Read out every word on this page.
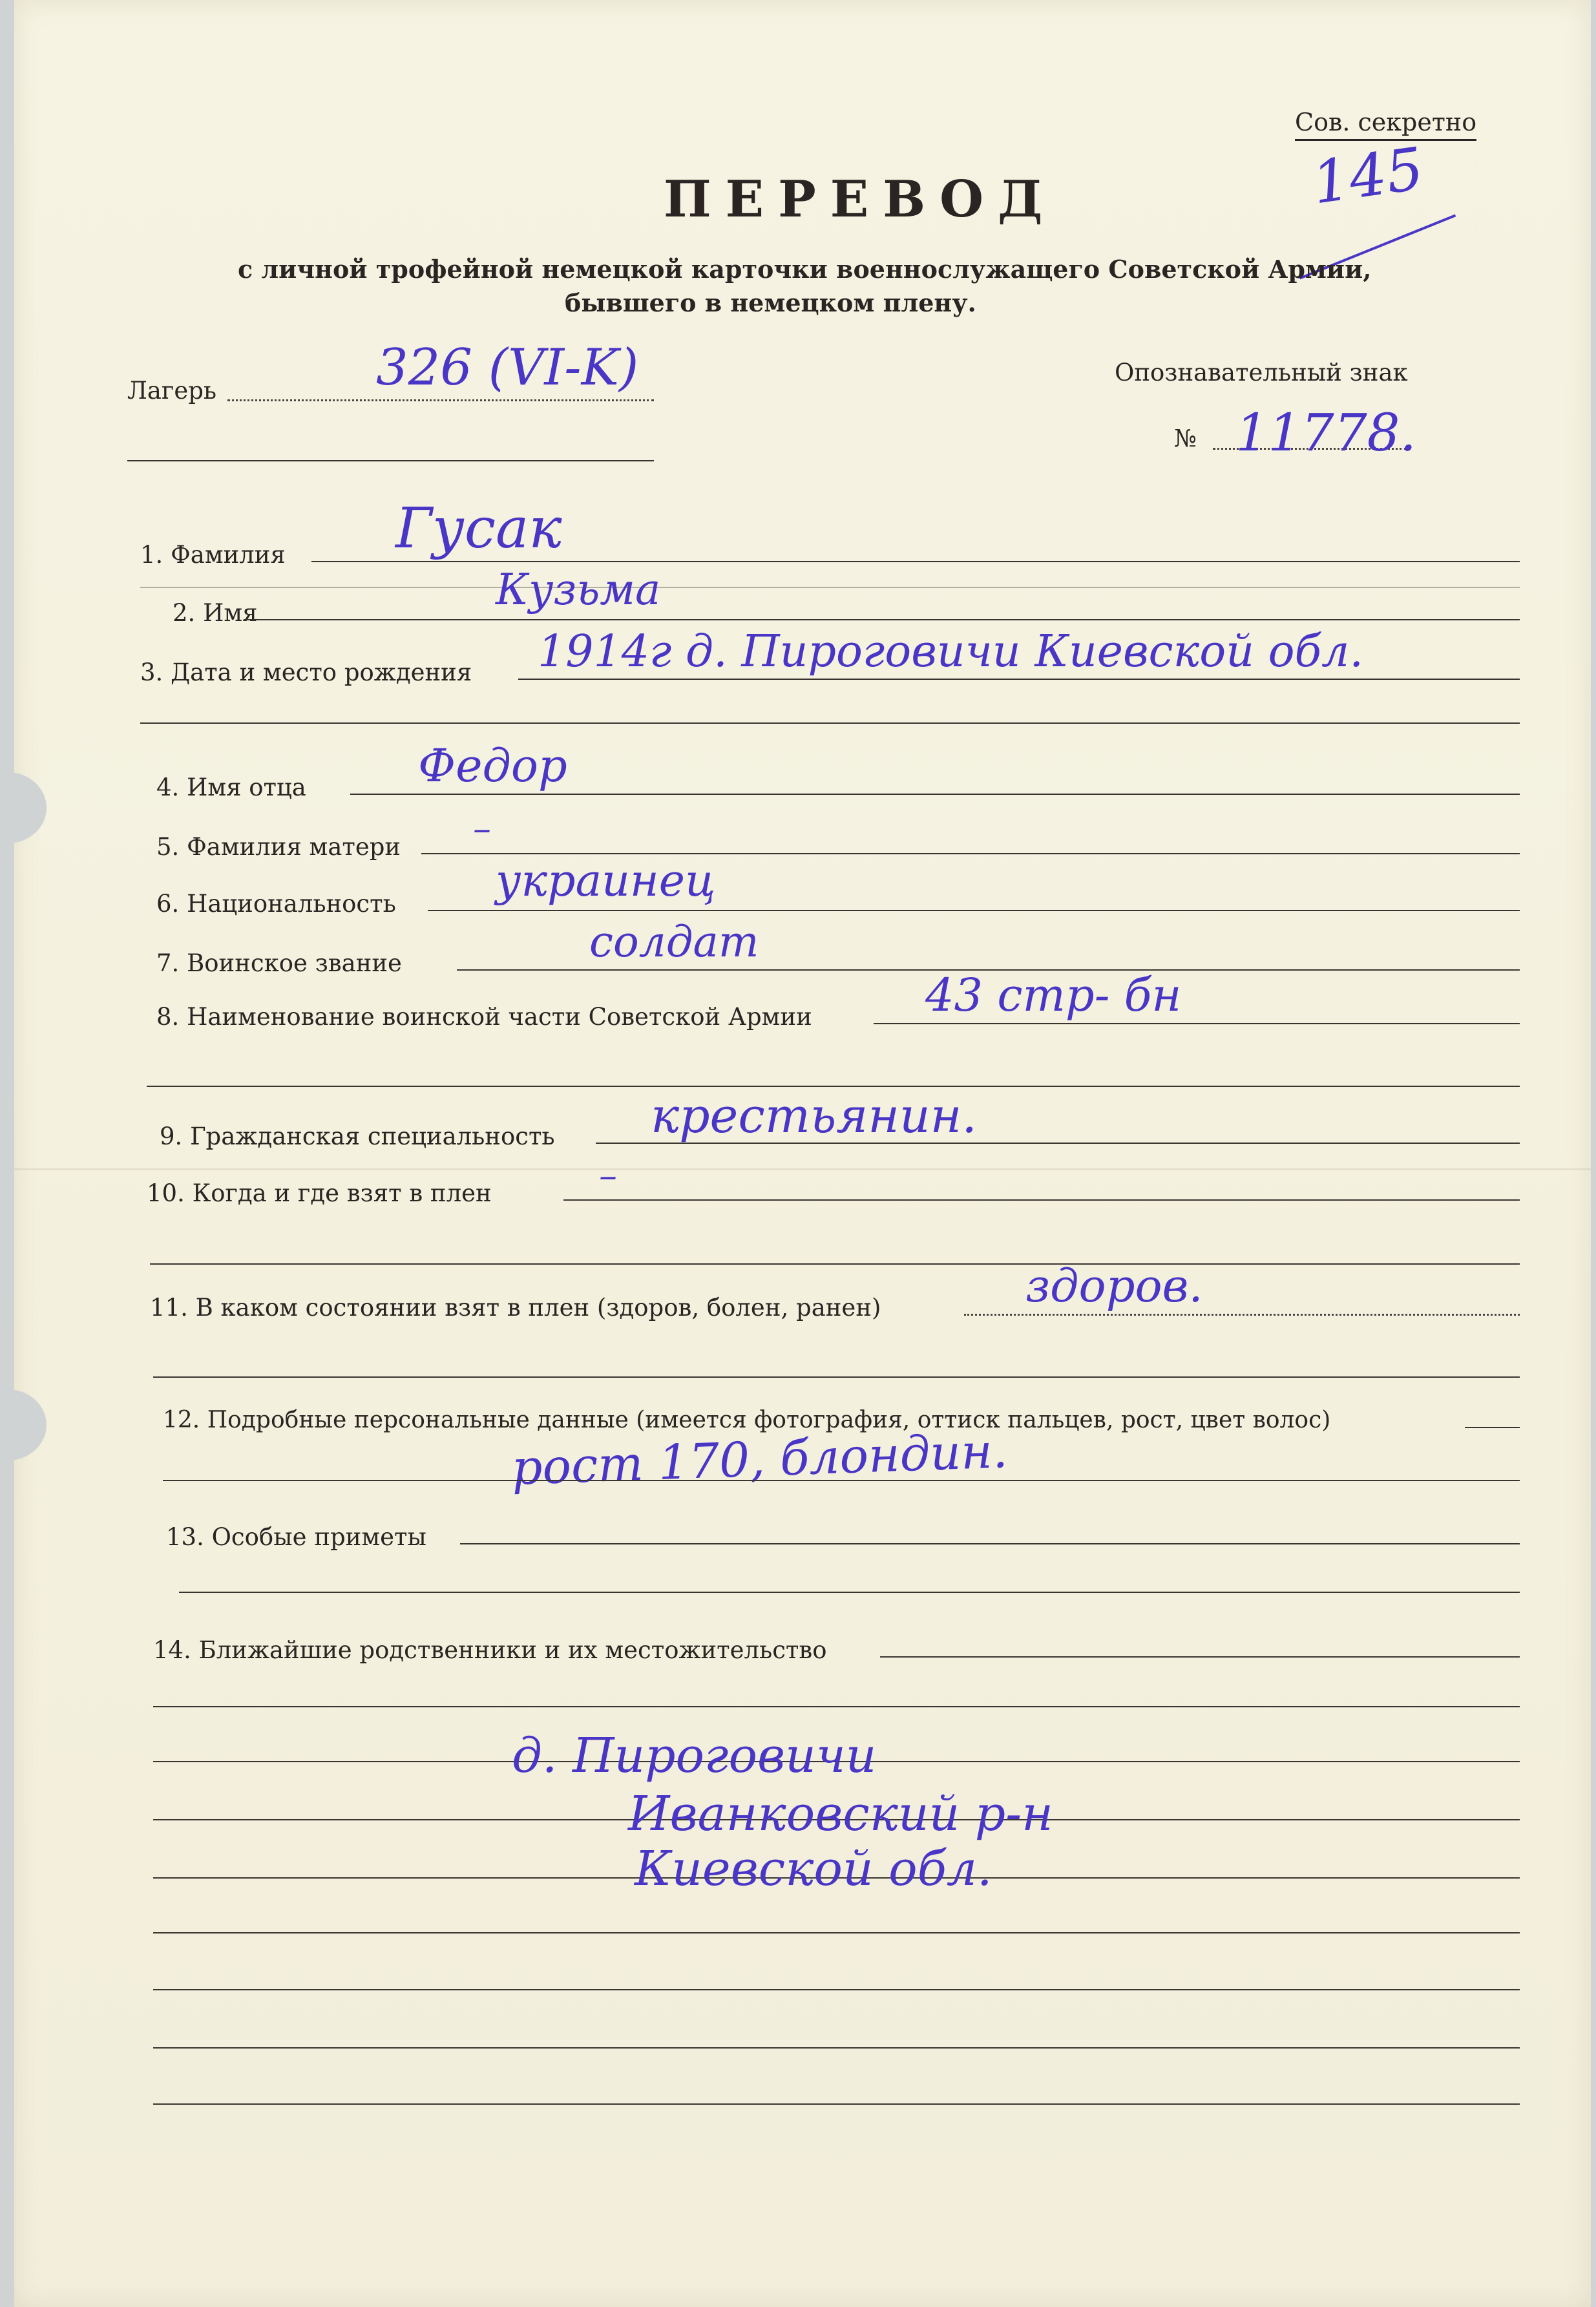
Сов. секретно
145
ПЕРЕВОД
с личной трофейной немецкой карточки военнослужащего Советской Армии,
бывшего в немецком плену.
Лагерь	326 (VI-K)	Опознавательный знак
№ 11778.
1. Фамилия Гусак
2. Имя	Кузьма
3. Дата и место рождения 1914г д. Пироговичи Киевской обл.
4. Имя отца Федор
5. Фамилия матери –
6. Национальность украинец
7. Воинское звание	солдат
8. Наименование воинской части Советской Армии	43 стр- бн
9. Гражданская специальность крестьянин.
10. Когда и где взят в плен	–
11. В каком состоянии взят в плен (здоров, болен, ранен)	здоров.
12. Подробные персональные данные (имеется фотография, оттиск пальцев, рост, цвет волос)
рост 170, блондин.
13. Особые приметы
14. Ближайшие родственники и их местожительство
д. Пироговичи
Иванковский р-н
Киевской обл.
